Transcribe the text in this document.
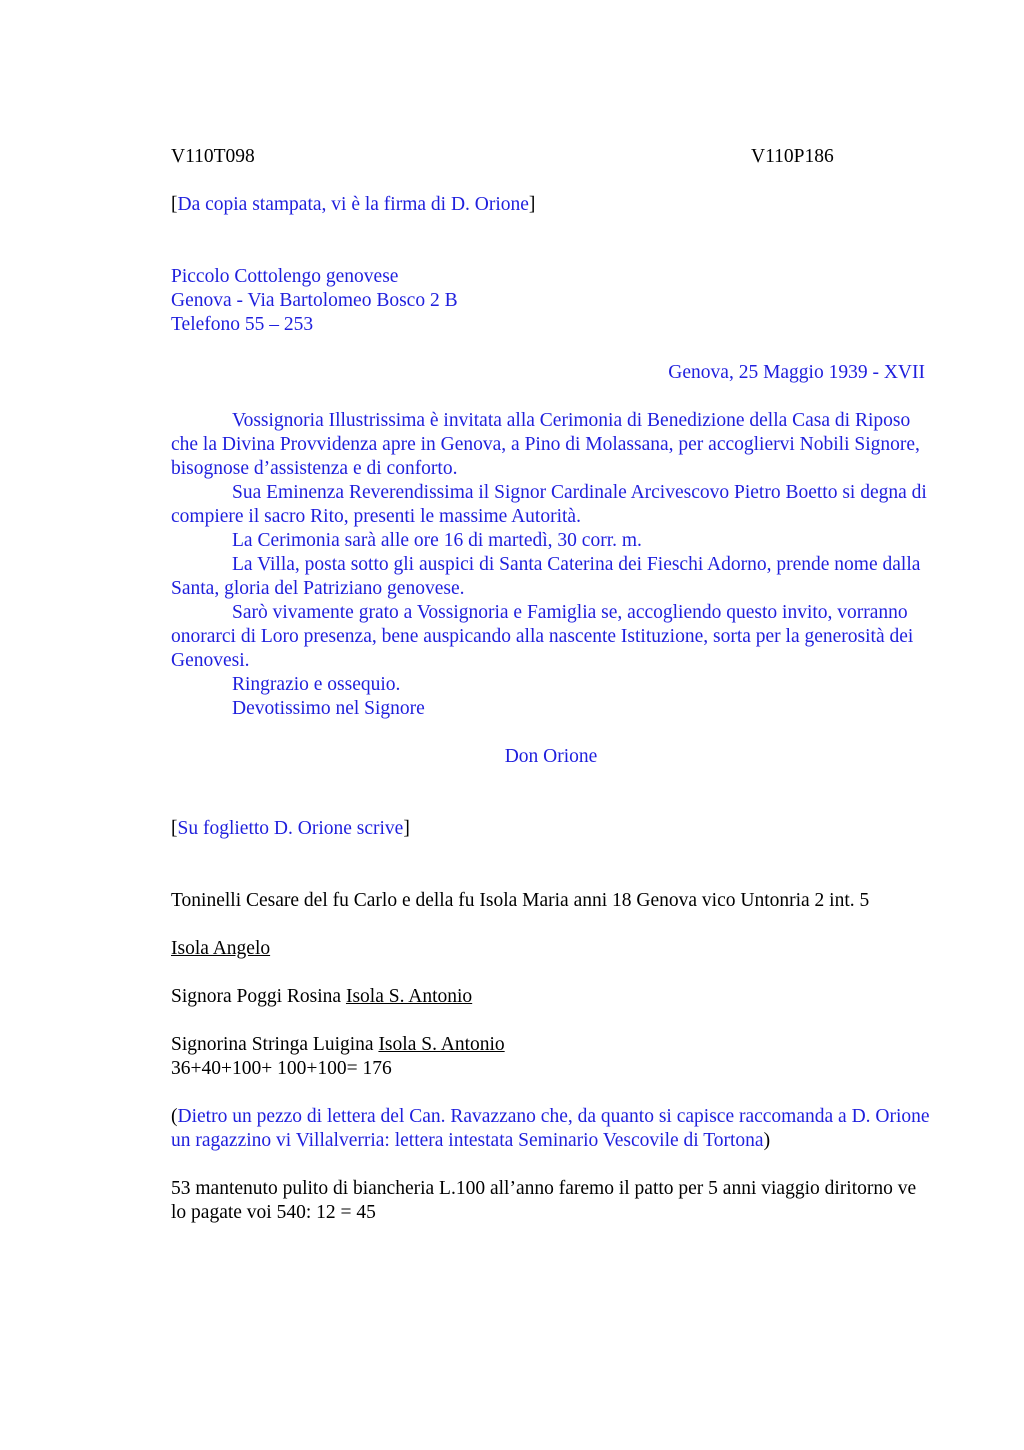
V110T098	V110P186
[Da copia stampata, vi è la firma di D. Orione]
Piccolo Cottolengo genovese
Genova - Via Bartolomeo Bosco 2 B
Telefono 55 – 253
Genova, 25 Maggio 1939 - XVII
Vossignoria Illustrissima è invitata alla Cerimonia di Benedizione della Casa di Riposo che la Divina Provvidenza apre in Genova, a Pino di Molassana, per accogliervi Nobili Signore, bisognose d’assistenza e di conforto.
Sua Eminenza Reverendissima il Signor Cardinale Arcivescovo Pietro Boetto si degna di compiere il sacro Rito, presenti le massime Autorità.
La Cerimonia sarà alle ore 16 di martedì, 30 corr. m.
La Villa, posta sotto gli auspici di Santa Caterina dei Fieschi Adorno, prende nome dalla Santa, gloria del Patriziano genovese.
Sarò vivamente grato a Vossignoria e Famiglia se, accogliendo questo invito, vorranno onorarci di Loro presenza, bene auspicando alla nascente Istituzione, sorta per la generosità dei Genovesi.
Ringrazio e ossequio.
Devotissimo nel Signore
Don Orione
[Su foglietto D. Orione scrive]
Toninelli Cesare del fu Carlo e della fu Isola Maria anni 18 Genova vico Untonria 2 int. 5
Isola Angelo
Signora Poggi Rosina Isola S. Antonio
Signorina Stringa Luigina Isola S. Antonio
36+40+100+ 100+100= 176
(Dietro un pezzo di lettera del Can. Ravazzano che, da quanto si capisce raccomanda a D. Orione un ragazzino vi Villalverria: lettera intestata Seminario Vescovile di Tortona)
53 mantenuto pulito di biancheria L.100 all’anno faremo il patto per 5 anni viaggio diritorno ve lo pagate voi 540: 12 = 45
